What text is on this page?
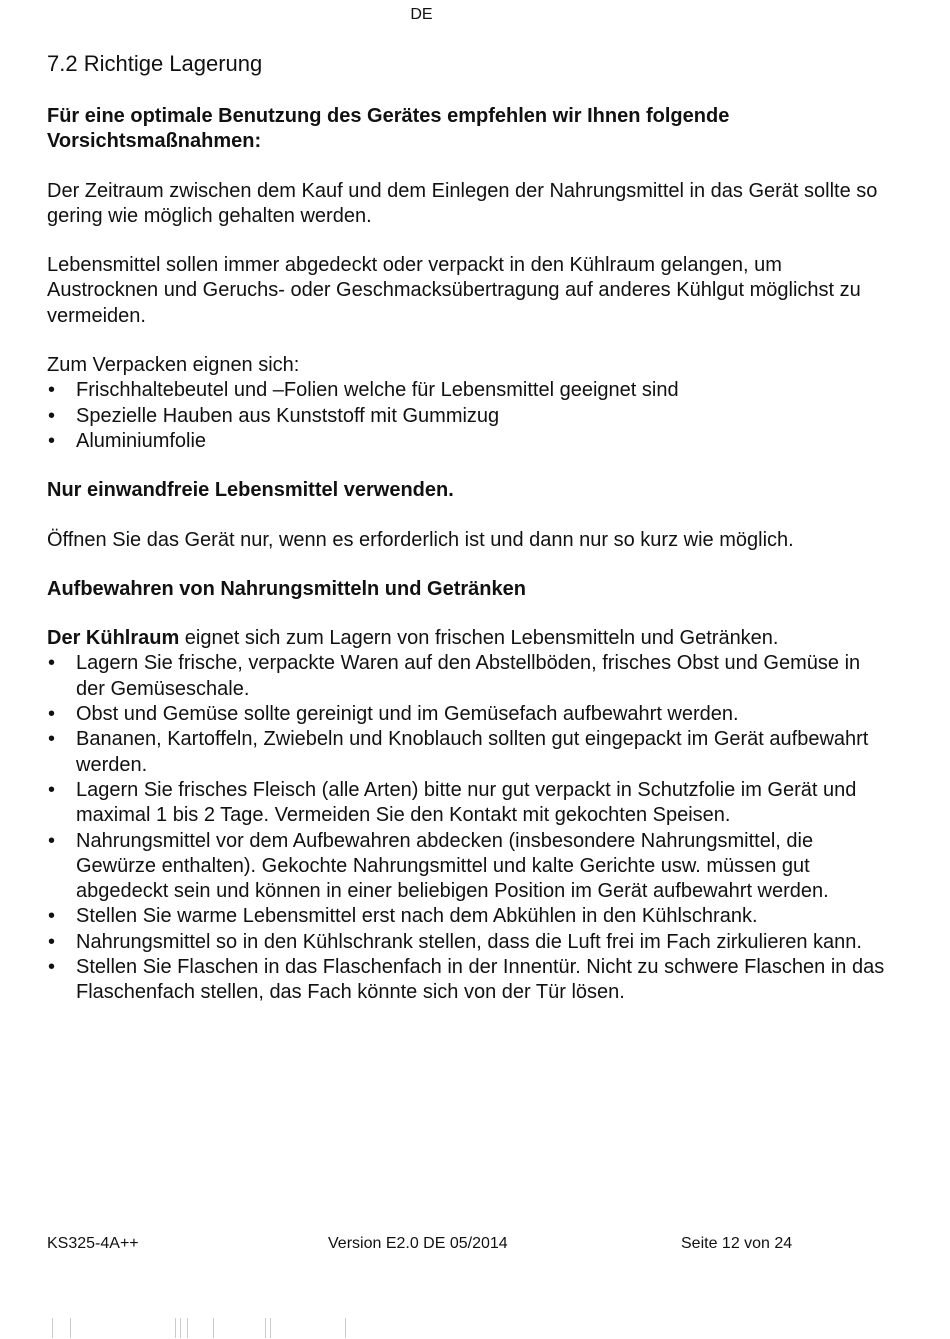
DE
7.2 Richtige Lagerung

Für eine optimale Benutzung des Gerätes empfehlen wir Ihnen folgende Vorsichtsmaßnahmen:

Der Zeitraum zwischen dem Kauf und dem Einlegen der Nahrungsmittel in das Gerät sollte so gering wie möglich gehalten werden.

Lebensmittel sollen immer abgedeckt oder verpackt in den Kühlraum gelangen, um Austrocknen und Geruchs- oder Geschmacksübertragung auf anderes Kühlgut möglichst zu vermeiden.

Zum Verpacken eignen sich:

• Frischhaltebeutel und –Folien welche für Lebensmittel geeignet sind
• Spezielle Hauben aus Kunststoff mit Gummizug
• Aluminiumfolie

Nur einwandfreie Lebensmittel verwenden.

Öffnen Sie das Gerät nur, wenn es erforderlich ist und dann nur so kurz wie möglich.

Aufbewahren von Nahrungsmitteln und Getränken

Der Kühlraum eignet sich zum Lagern von frischen Lebensmitteln und Getränken.

• Lagern Sie frische, verpackte Waren auf den Abstellböden, frisches Obst und Gemüse in der Gemüseschale.
• Obst und Gemüse sollte gereinigt und im Gemüsefach aufbewahrt werden.
• Bananen, Kartoffeln, Zwiebeln und Knoblauch sollten gut eingepackt im Gerät aufbewahrt werden.
• Lagern Sie frisches Fleisch (alle Arten) bitte nur gut verpackt in Schutzfolie im Gerät und maximal 1 bis 2 Tage. Vermeiden Sie den Kontakt mit gekochten Speisen.
• Nahrungsmittel vor dem Aufbewahren abdecken (insbesondere Nahrungsmittel, die Gewürze enthalten). Gekochte Nahrungsmittel und kalte Gerichte usw. müssen gut abgedeckt sein und können in einer beliebigen Position im Gerät aufbewahrt werden.
• Stellen Sie warme Lebensmittel erst nach dem Abkühlen in den Kühlschrank.
• Nahrungsmittel so in den Kühlschrank stellen, dass die Luft frei im Fach zirkulieren kann.
• Stellen Sie Flaschen in das Flaschenfach in der Innentür. Nicht zu schwere Flaschen in das Flaschenfach stellen, das Fach könnte sich von der Tür lösen.
KS325-4A++	Version E2.0 DE 05/2014	Seite 12 von 24
